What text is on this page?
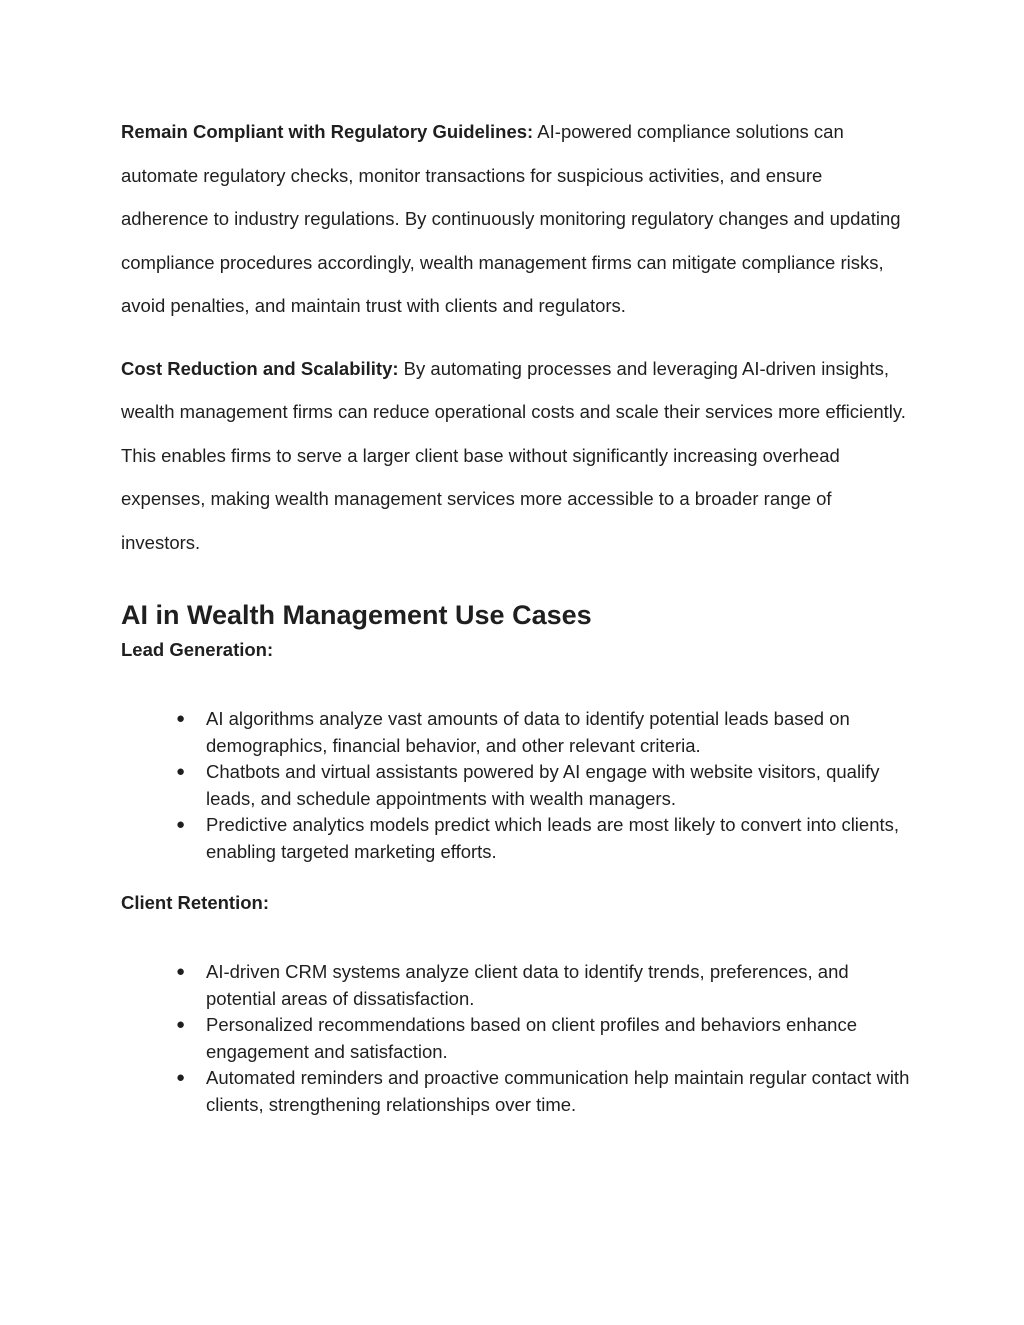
Remain Compliant with Regulatory Guidelines: AI-powered compliance solutions can automate regulatory checks, monitor transactions for suspicious activities, and ensure adherence to industry regulations. By continuously monitoring regulatory changes and updating compliance procedures accordingly, wealth management firms can mitigate compliance risks, avoid penalties, and maintain trust with clients and regulators.

Cost Reduction and Scalability: By automating processes and leveraging AI-driven insights, wealth management firms can reduce operational costs and scale their services more efficiently. This enables firms to serve a larger client base without significantly increasing overhead expenses, making wealth management services more accessible to a broader range of investors.

AI in Wealth Management Use Cases
Lead Generation:
● AI algorithms analyze vast amounts of data to identify potential leads based on demographics, financial behavior, and other relevant criteria.
● Chatbots and virtual assistants powered by AI engage with website visitors, qualify leads, and schedule appointments with wealth managers.
● Predictive analytics models predict which leads are most likely to convert into clients, enabling targeted marketing efforts.
Client Retention:
● AI-driven CRM systems analyze client data to identify trends, preferences, and potential areas of dissatisfaction.
● Personalized recommendations based on client profiles and behaviors enhance engagement and satisfaction.
● Automated reminders and proactive communication help maintain regular contact with clients, strengthening relationships over time.
